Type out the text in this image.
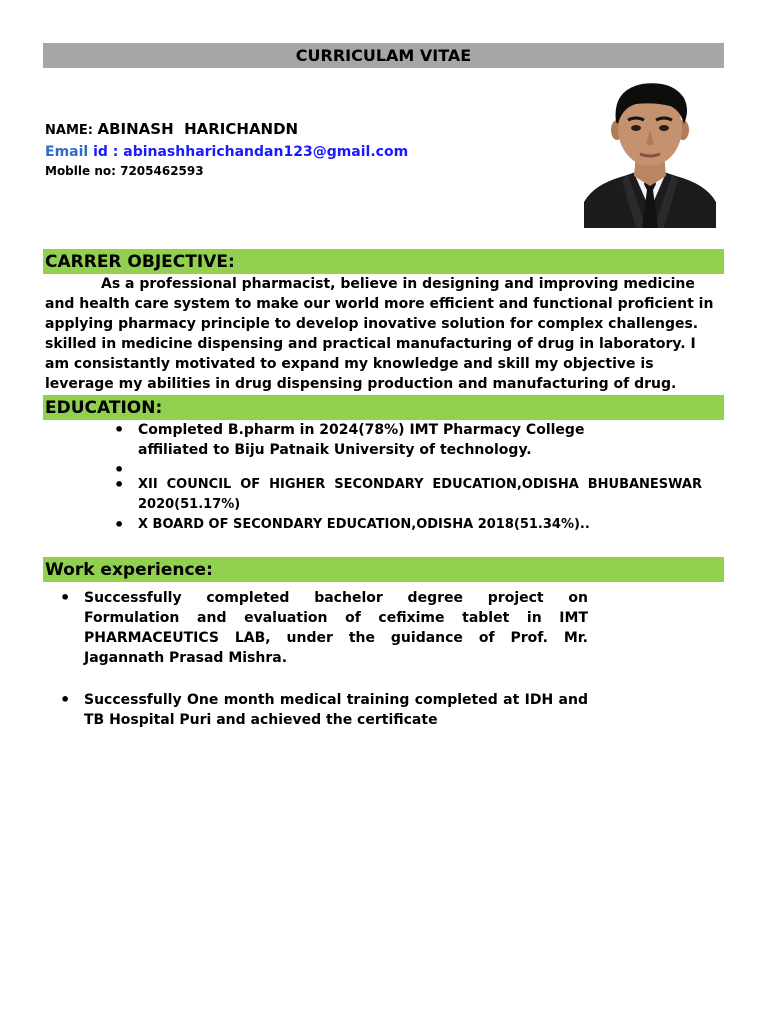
CURRICULAM VITAE
NAME: ABINASH  HARICHANDN
Email id : abinashharichandan123@gmail.com
Moblle no: 7205462593
CARRER OBJECTIVE:
As a professional pharmacist, believe in designing and improving medicine and health care system to make our world more efficient and functional proficient in applying pharmacy principle to develop inovative solution for complex challenges. skilled in medicine dispensing and practical manufacturing of drug in laboratory. I am consistantly motivated to expand my knowledge and skill my objective is leverage my abilities in drug dispensing production and manufacturing of drug.
EDUCATION:
• Completed B.pharm in 2024(78%) IMT Pharmacy College affiliated to Biju Patnaik University of technology.
•
• XII COUNCIL OF HIGHER SECONDARY EDUCATION,ODISHA BHUBANESWAR 2020(51.17%)
• X BOARD OF SECONDARY EDUCATION,ODISHA 2018(51.34%)..
Work experience:
• Successfully completed bachelor degree project on Formulation and evaluation of cefixime tablet in IMT PHARMACEUTICS LAB, under the guidance of Prof. Mr. Jagannath Prasad Mishra.
• Successfully One month medical training completed at IDH and TB Hospital Puri and achieved the certificate
